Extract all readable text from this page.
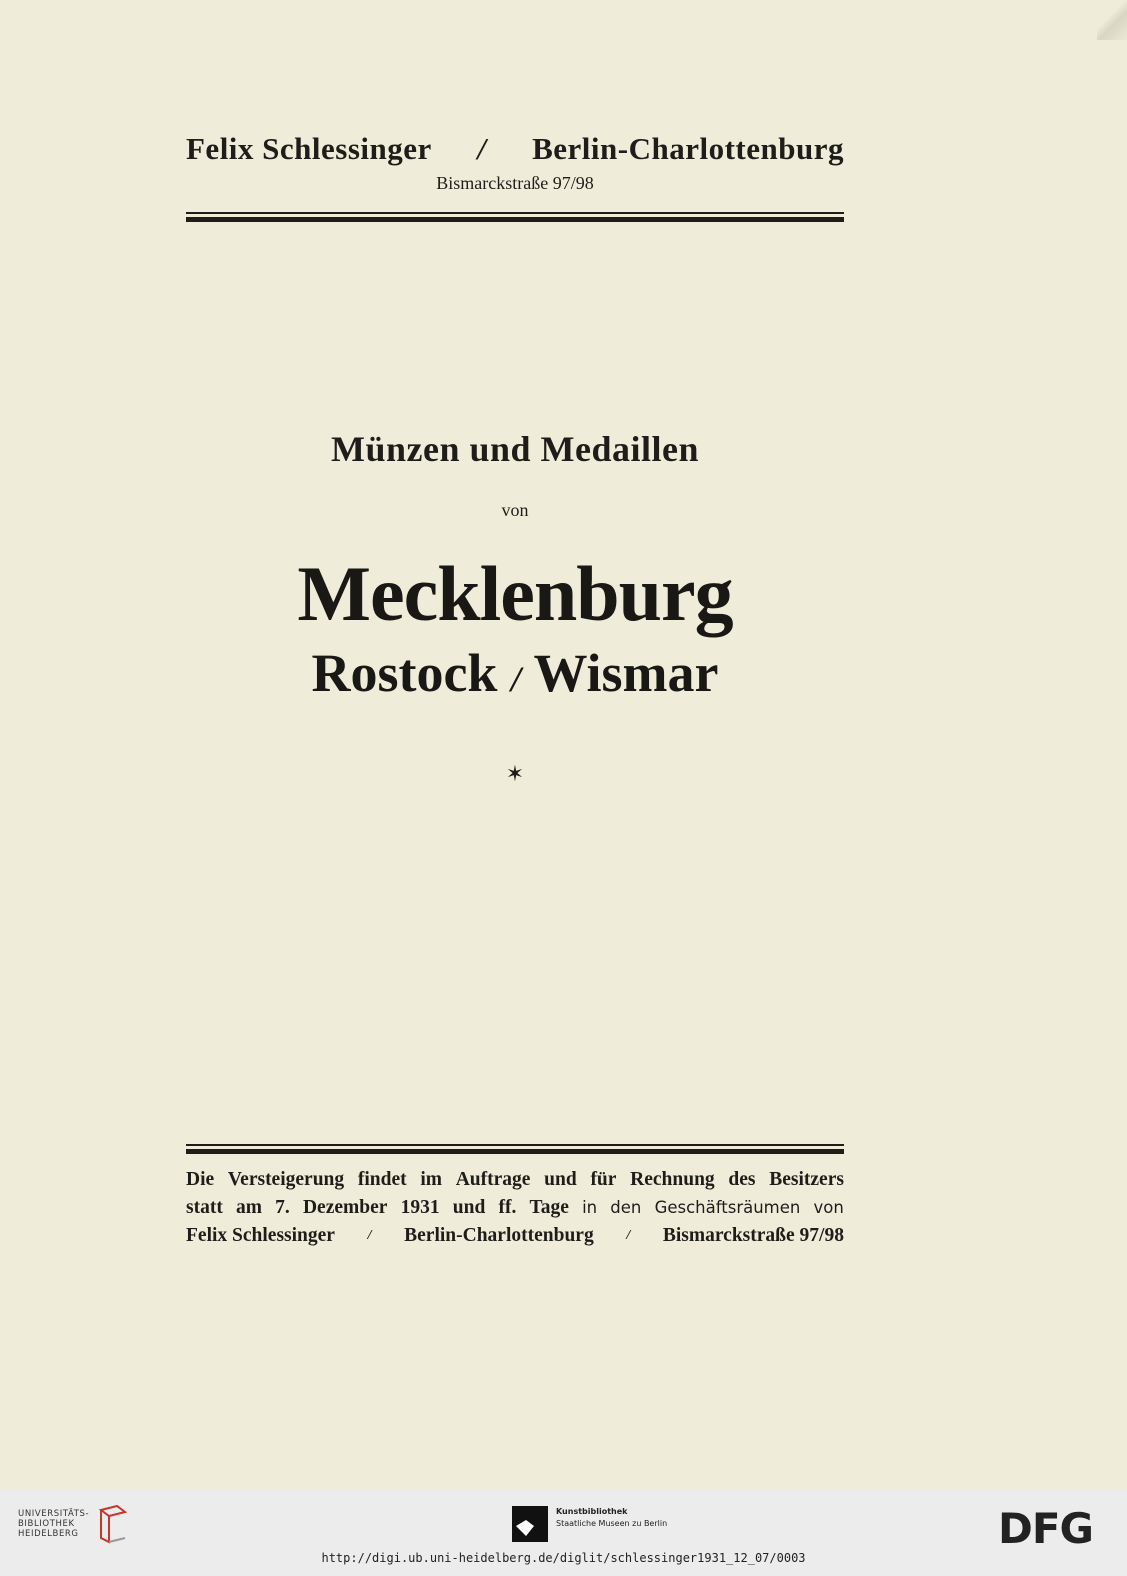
Felix Schlessinger / Berlin-Charlottenburg
Bismarckstraße 97/98
Münzen und Medaillen
von
Mecklenburg
Rostock / Wismar
✶
Die Versteigerung findet im Auftrage und für Rechnung des Besitzers
statt am 7. Dezember 1931 und ff. Tage in den Geschäftsräumen von
Felix Schlessinger / Berlin-Charlottenburg / Bismarckstraße 97/98
UNIVERSITÄTS-
BIBLIOTHEK
HEIDELBERG
Kunstbibliothek
Staatliche Museen zu Berlin	DFG
http://digi.ub.uni-heidelberg.de/diglit/schlessinger1931_12_07/0003
